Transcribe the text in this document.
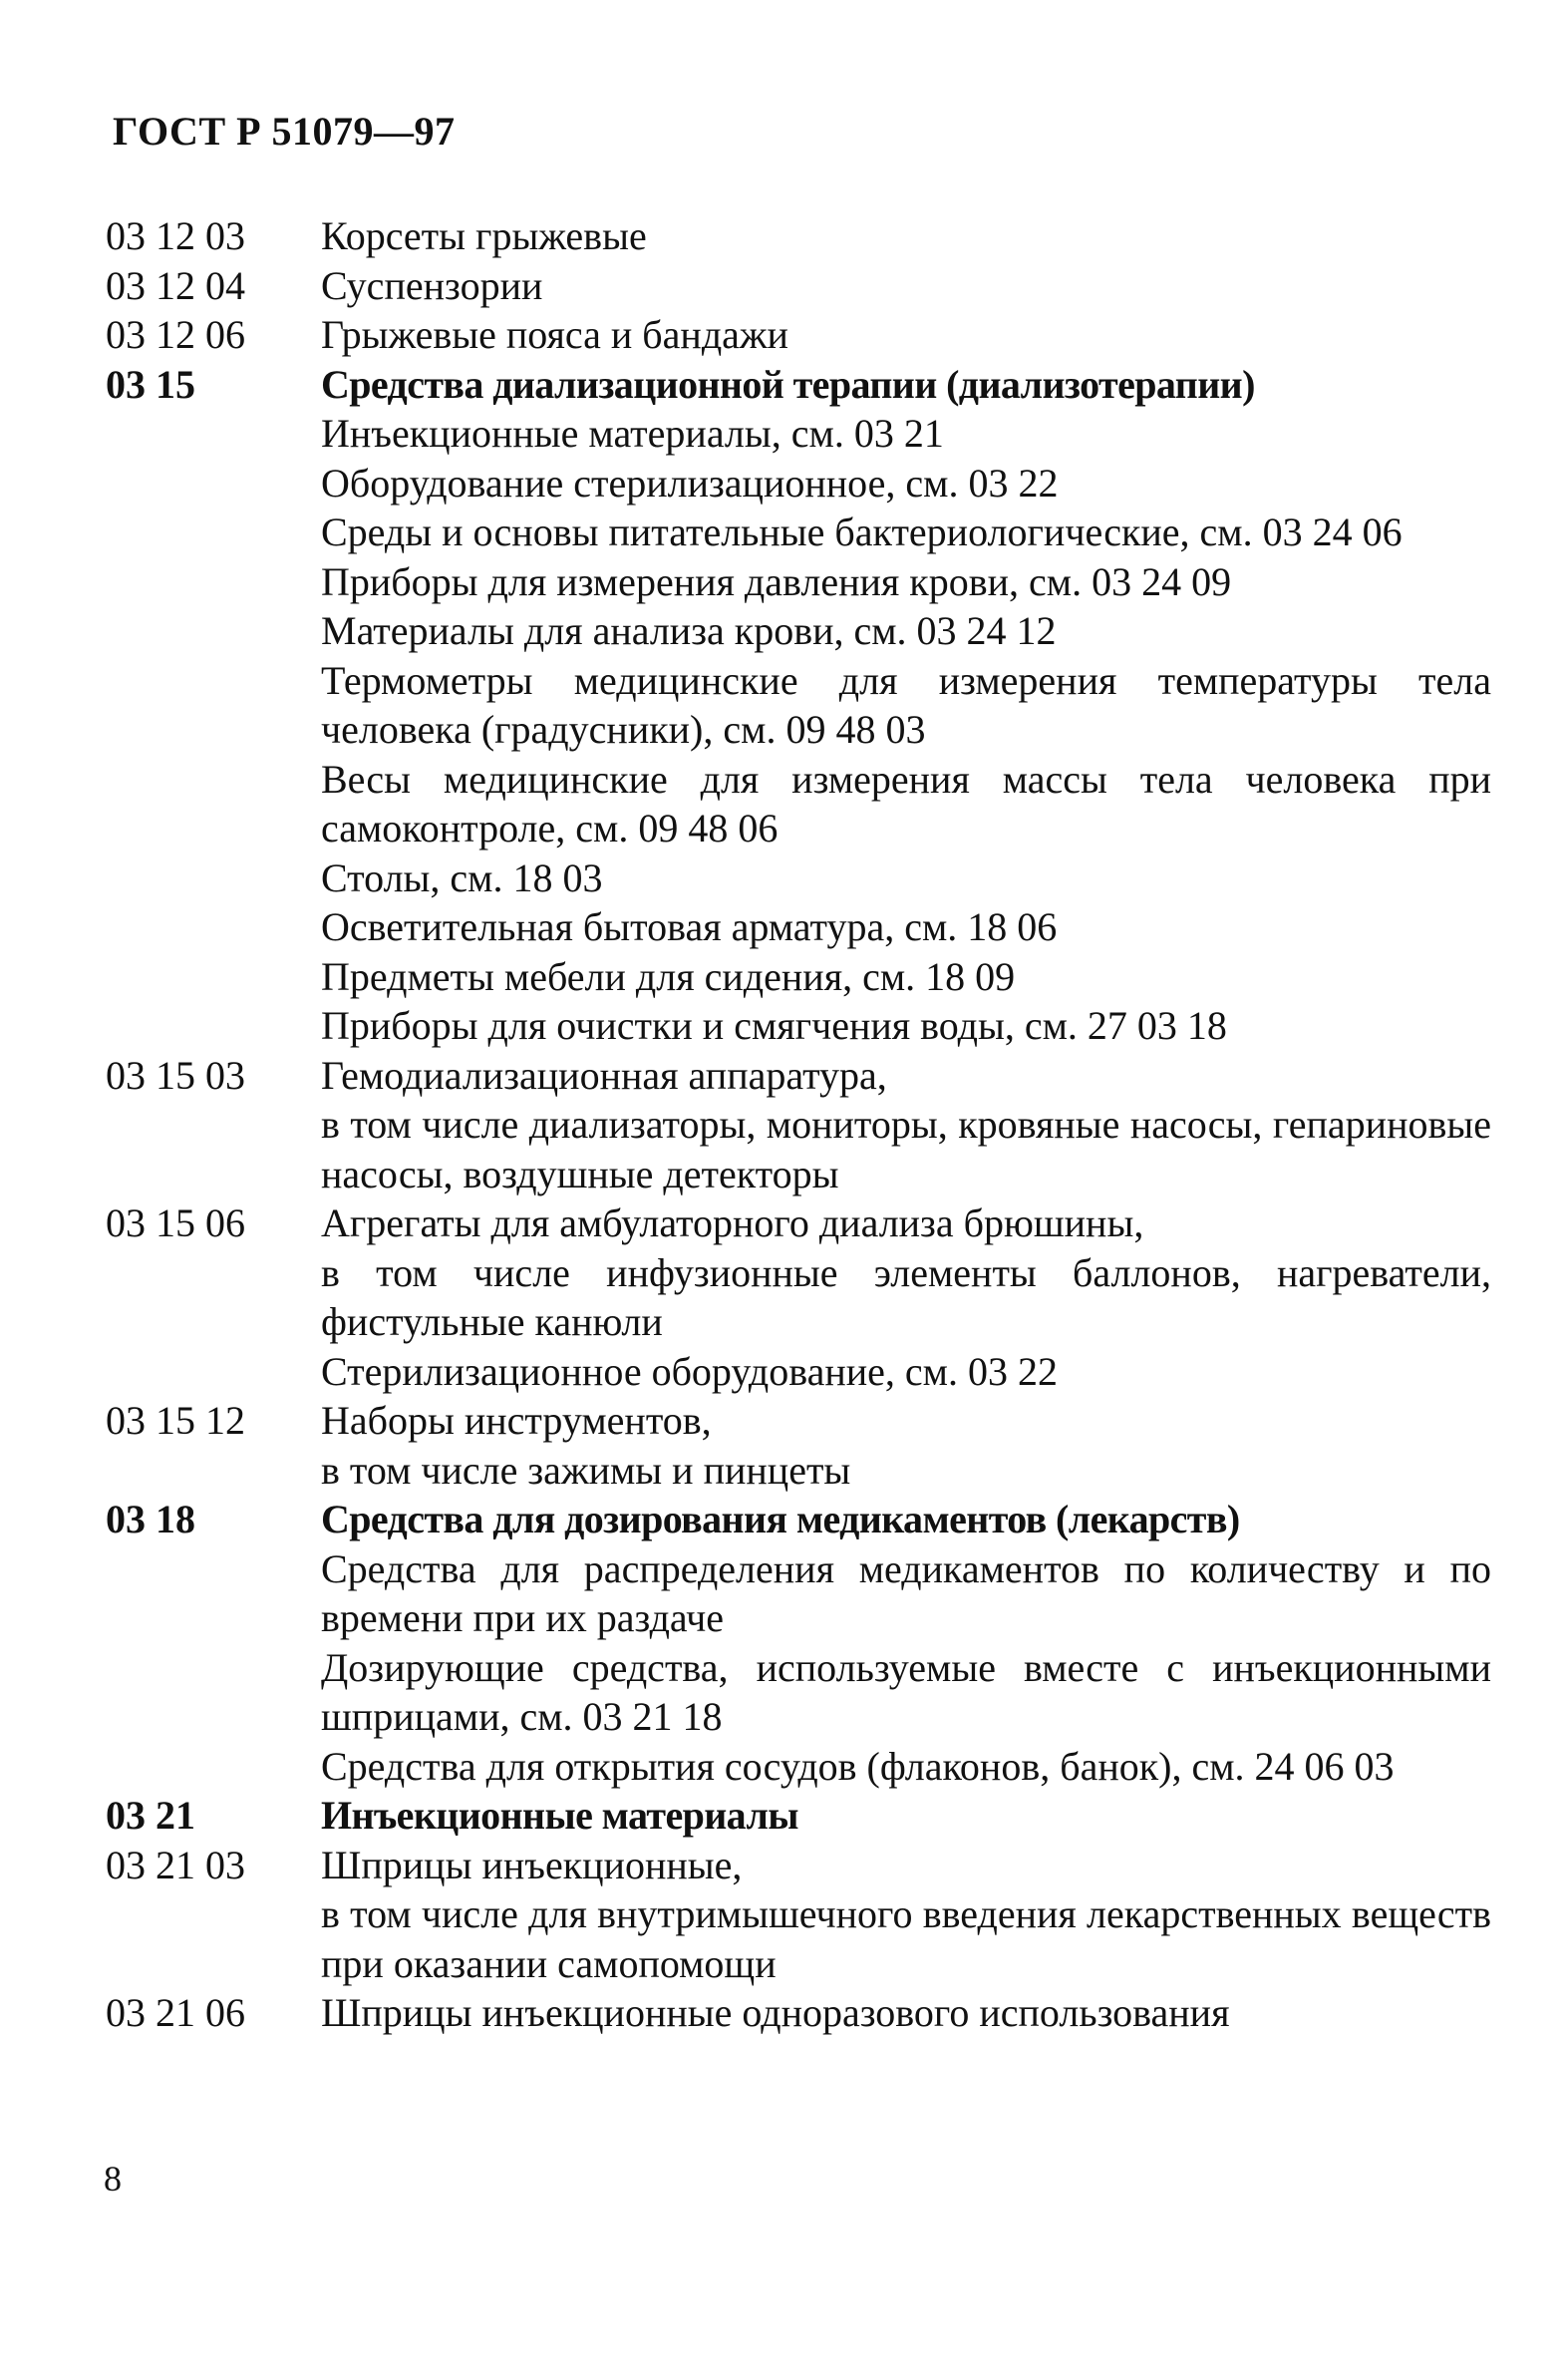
ГОСТ Р 51079—97
03 12 03	Корсеты грыжевые
03 12 04	Суспензории
03 12 06	Грыжевые пояса и бандажи
03 15	Средства диализационной терапии (диализотерапии)
Инъекционные материалы, см. 03 21
Оборудование стерилизационное, см. 03 22
Среды и основы питательные бактериологические, см. 03 24 06
Приборы для измерения давления крови, см. 03 24 09
Материалы для анализа крови, см. 03 24 12
Термометры медицинские для измерения температуры тела человека (градусники), см. 09 48 03
Весы медицинские для измерения массы тела человека при самоконтроле, см. 09 48 06
Столы, см. 18 03
Осветительная бытовая арматура, см. 18 06
Предметы мебели для сидения, см. 18 09
Приборы для очистки и смягчения воды, см. 27 03 18
03 15 03	Гемодиализационная аппаратура,
в том числе диализаторы, мониторы, кровяные насосы, гепариновые насосы, воздушные детекторы
03 15 06	Агрегаты для амбулаторного диализа брюшины,
в том числе инфузионные элементы баллонов, нагреватели, фистульные канюли
Стерилизационное оборудование, см. 03 22
03 15 12	Наборы инструментов,
в том числе зажимы и пинцеты
03 18	Средства для дозирования медикаментов (лекарств)
Средства для распределения медикаментов по количеству и по времени при их раздаче
Дозирующие средства, используемые вместе с инъекционными шприцами, см. 03 21 18
Средства для открытия сосудов (флаконов, банок), см. 24 06 03
03 21	Инъекционные материалы
03 21 03	Шприцы инъекционные,
в том числе для внутримышечного введения лекарственных веществ при оказании самопомощи
03 21 06	Шприцы инъекционные одноразового использования
8
